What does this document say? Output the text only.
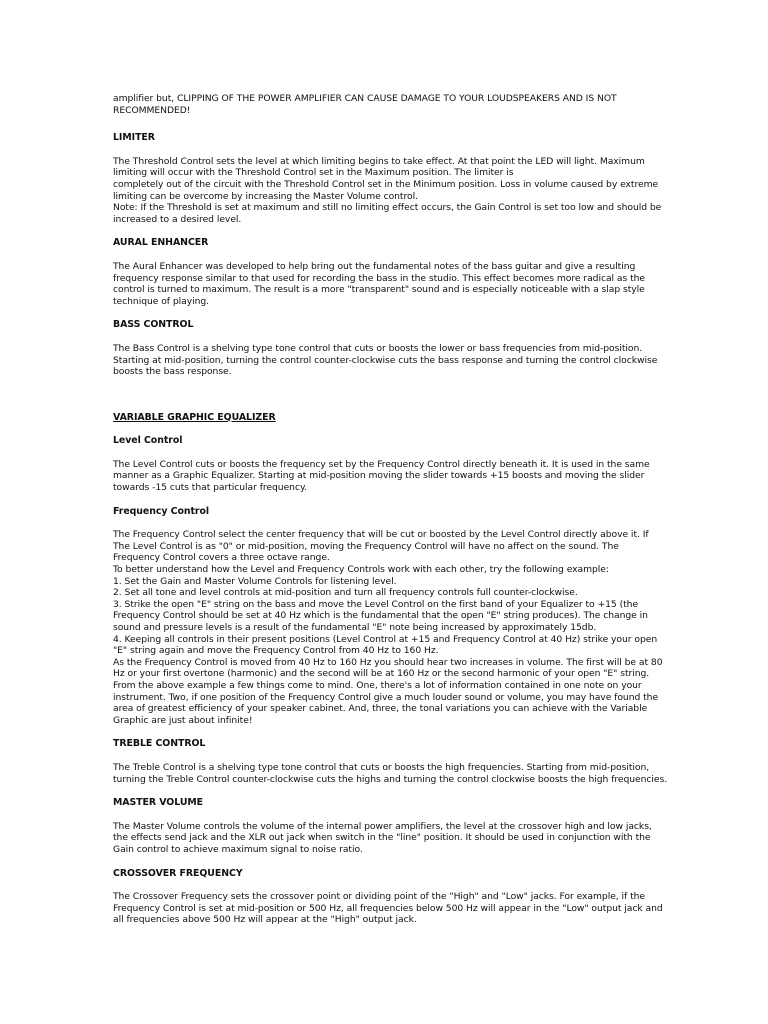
amplifier but, CLIPPING OF THE POWER AMPLIFIER CAN CAUSE DAMAGE TO YOUR LOUDSPEAKERS AND IS NOT RECOMMENDED!

LIMITER

The Threshold Control sets the level at which limiting begins to take effect. At that point the LED will light. Maximum limiting will occur with the Threshold Control set in the Maximum position. The limiter is

completely out of the circuit with the Threshold Control set in the Minimum position. Loss in volume caused by extreme limiting can be overcome by increasing the Master Volume control.

Note: If the Threshold is set at maximum and still no limiting effect occurs, the Gain Control is set too low and should be increased to a desired level.

AURAL ENHANCER

The Aural Enhancer was developed to help bring out the fundamental notes of the bass guitar and give a resulting frequency response similar to that used for recording the bass in the studio. This effect becomes more radical as the control is turned to maximum. The result is a more "transparent" sound and is especially noticeable with a slap style technique of playing.

BASS CONTROL

The Bass Control is a shelving type tone control that cuts or boosts the lower or bass frequencies from mid-position. Starting at mid-position, turning the control counter-clockwise cuts the bass response and turning the control clockwise boosts the bass response.

VARIABLE GRAPHIC EQUALIZER

Level Control

The Level Control cuts or boosts the frequency set by the Frequency Control directly beneath it. It is used in the same manner as a Graphic Equalizer. Starting at mid-position moving the slider towards +15 boosts and moving the slider towards -15 cuts that particular frequency.

Frequency Control

The Frequency Control select the center frequency that will be cut or boosted by the Level Control directly above it. If The Level Control is as "0" or mid-position, moving the Frequency Control will have no affect on the sound. The Frequency Control covers a three octave range.

To better understand how the Level and Frequency Controls work with each other, try the following example:

1. Set the Gain and Master Volume Controls for listening level.

2. Set all tone and level controls at mid-position and turn all frequency controls full counter-clockwise.

3. Strike the open "E" string on the bass and move the Level Control on the first band of your Equalizer to +15 (the Frequency Control should be set at 40 Hz which is the fundamental that the open "E" string produces). The change in sound and pressure levels is a result of the fundamental "E" note being increased by approximately 15db.

4. Keeping all controls in their present positions (Level Control at +15 and Frequency Control at 40 Hz) strike your open "E" string again and move the Frequency Control from 40 Hz to 160 Hz.

As the Frequency Control is moved from 40 Hz to 160 Hz you should hear two increases in volume. The first will be at 80 Hz or your first overtone (harmonic) and the second will be at 160 Hz or the second harmonic of your open "E" string.

From the above example a few things come to mind. One, there's a lot of information contained in one note on your instrument. Two, if one position of the Frequency Control give a much louder sound or volume, you may have found the area of greatest efficiency of your speaker cabinet. And, three, the tonal variations you can achieve with the Variable Graphic are just about infinite!

TREBLE CONTROL

The Treble Control is a shelving type tone control that cuts or boosts the high frequencies. Starting from mid-position, turning the Treble Control counter-clockwise cuts the highs and turning the control clockwise boosts the high frequencies.

MASTER VOLUME

The Master Volume controls the volume of the internal power amplifiers, the level at the crossover high and low jacks, the effects send jack and the XLR out jack when switch in the "line" position. It should be used in conjunction with the Gain control to achieve maximum signal to noise ratio.

CROSSOVER FREQUENCY

The Crossover Frequency sets the crossover point or dividing point of the "High" and "Low" jacks. For example, if the Frequency Control is set at mid-position or 500 Hz, all frequencies below 500 Hz will appear in the "Low" output jack and all frequencies above 500 Hz will appear at the "High" output jack.
